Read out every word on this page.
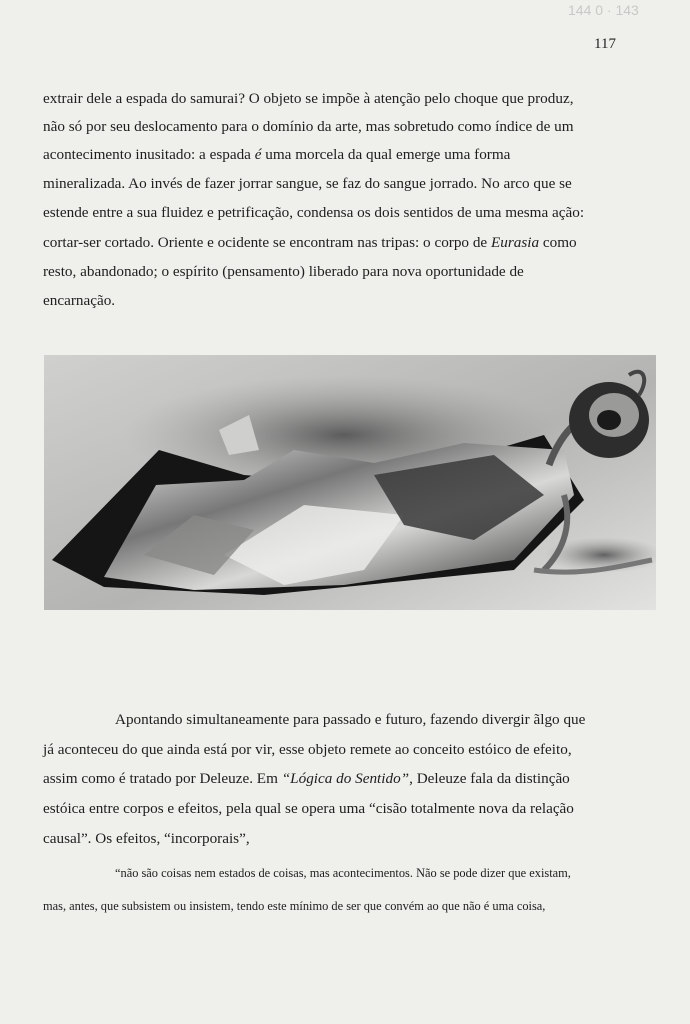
144 0 · 143
117
extrair dele a espada do samurai? O objeto se impõe à atenção pelo choque que produz,
não só por seu deslocamento para o domínio da arte, mas sobretudo como índice de um
acontecimento inusitado: a espada é uma morcela da qual emerge uma forma
mineralizada. Ao invés de fazer jorrar sangue, se faz do sangue jorrado. No arco que se
estende entre a sua fluidez e petrificação, condensa os dois sentidos de uma mesma ação:
cortar-ser cortado. Oriente e ocidente se encontram nas tripas: o corpo de Eurasia como
resto, abandonado; o espírito (pensamento) liberado para nova oportunidade de
encarnação.
Apontando simultaneamente para passado e futuro, fazendo divergir ãlgo que
já aconteceu do que ainda está por vir, esse objeto remete ao conceito estóico de efeito,
assim como é tratado por Deleuze. Em “Lógica do Sentido”, Deleuze fala da distinção
estóica entre corpos e efeitos, pela qual se opera uma “cisão totalmente nova da relação
causal”. Os efeitos, “incorporais”,
“não são coisas nem estados de coisas, mas acontecimentos. Não se pode dizer que existam,
mas, antes, que subsistem ou insistem, tendo este mínimo de ser que convém ao que não é uma coisa,
